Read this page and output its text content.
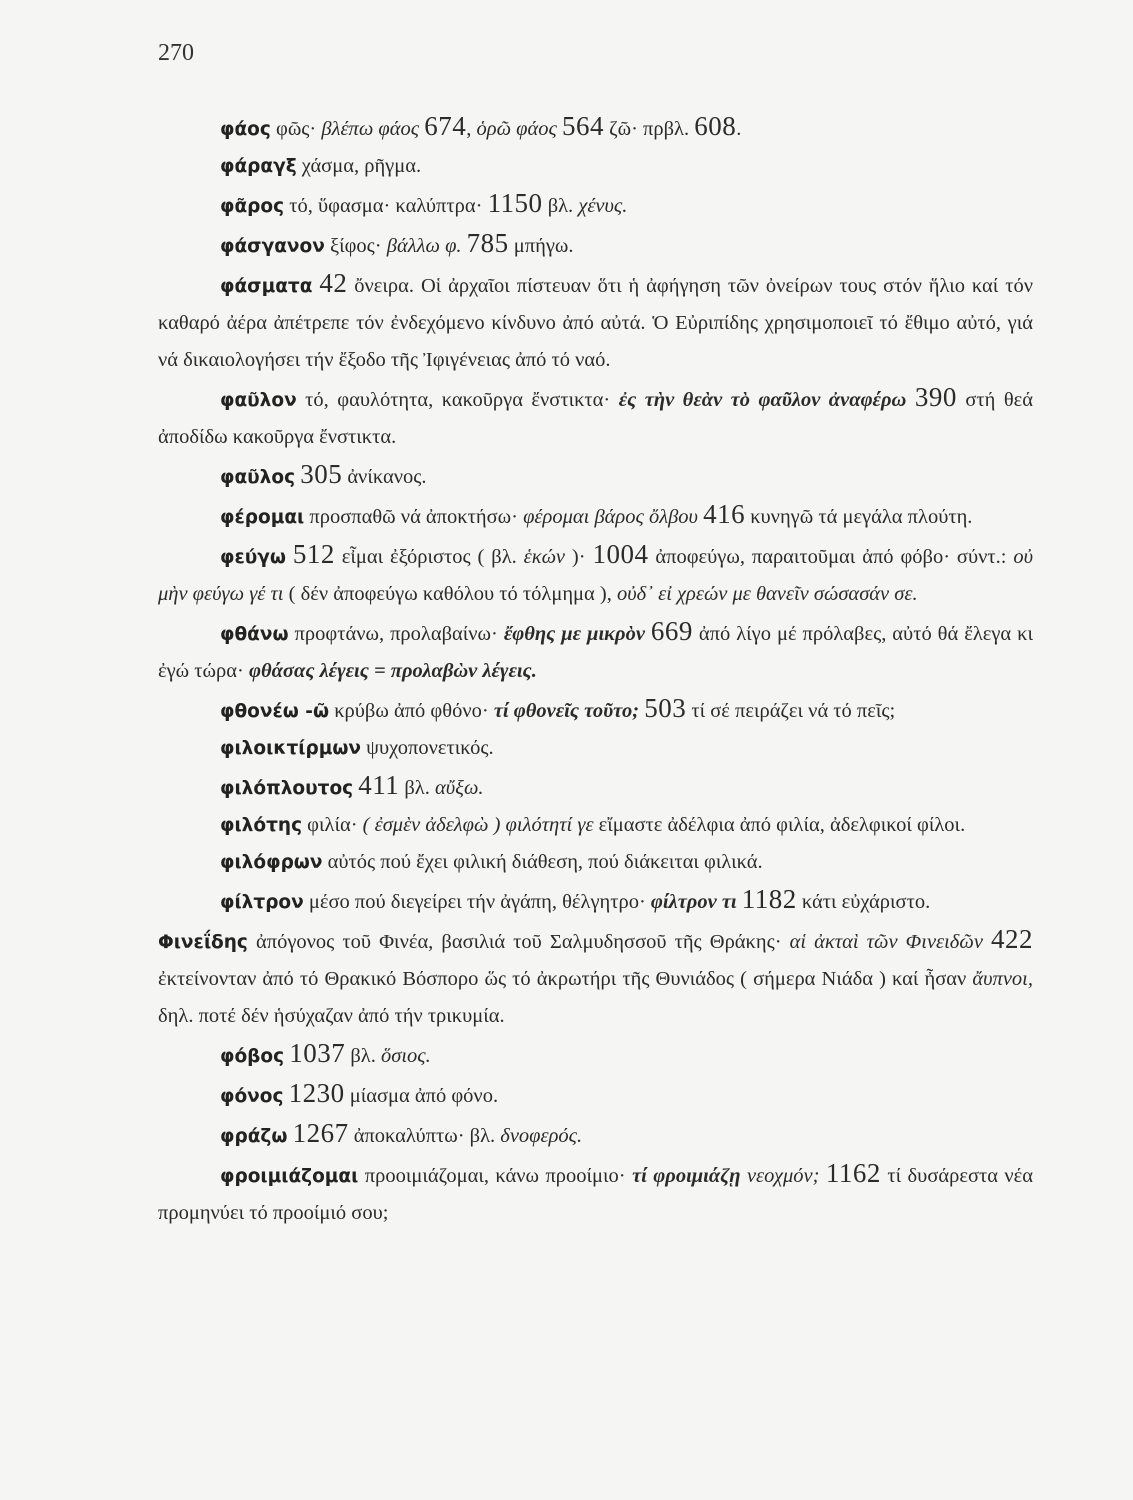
270

φάος φῶς· βλέπω φάος 674, ὁρῶ φάος 564 ζῶ· πρβλ. 608.

φάραγξ χάσμα, ρῆγμα.

φᾶρος τό, ὕφασμα· καλύπτρα· 1150 βλ. χένυς.

φάσγανον ξίφος· βάλλω φ. 785 μπήγω.

φάσματα 42 ὄνειρα. Οἱ ἀρχαῖοι πίστευαν ὅτι ἡ ἀφήγηση τῶν ὀνείρων τους στόν ἥλιο καί τόν καθαρό ἀέρα ἀπέτρεπε τόν ἐνδεχόμενο κίνδυνο ἀπό αὐτά. Ὁ Εὐριπίδης χρησιμοποιεῖ τό ἔθιμο αὐτό, γιά νά δικαιολογήσει τήν ἔξοδο τῆς Ἰφιγένειας ἀπό τό ναό.

φαῦλον τό, φαυλότητα, κακοῦργα ἔνστικτα· ἐς τὴν θεὰν τὸ φαῦλον ἀναφέρω 390 στή θεά ἀποδίδω κακοῦργα ἔνστικτα.

φαῦλος 305 ἀνίκανος.

φέρομαι προσπαθῶ νά ἀποκτήσω· φέρομαι βάρος ὄλβου 416 κυνηγῶ τά μεγάλα πλούτη.

φεύγω 512 εἶμαι ἐξόριστος ( βλ. ἑκών )· 1004 ἀποφεύγω, παραιτοῦμαι ἀπό φόβο· σύντ.: οὐ μὴν φεύγω γέ τι ( δέν ἀποφεύγω καθόλου τό τόλμημα ), οὐδ᾽ εἰ χρεών με θανεῖν σώσασάν σε.

φθάνω προφτάνω, προλαβαίνω· ἔφθης με μικρὸν 669 ἀπό λίγο μέ πρόλαβες, αὐτό θά ἔλεγα κι ἐγώ τώρα· φθάσας λέγεις = προλαβὼν λέγεις.

φθονέω -ῶ κρύβω ἀπό φθόνο· τί φθονεῖς τοῦτο; 503 τί σέ πειράζει νά τό πεῖς;

φιλοικτίρμων ψυχοπονετικός.

φιλόπλουτος 411 βλ. αὔξω.

φιλότης φιλία· ( ἐσμὲν ἀδελφὼ ) φιλότητί γε εἴμαστε ἀδέλφια ἀπό φιλία, ἀδελφικοί φίλοι.

φιλόφρων αὐτός πού ἔχει φιλική διάθεση, πού διάκειται φιλικά.

φίλτρον μέσο πού διεγείρει τήν ἀγάπη, θέλγητρο· φίλτρον τι 1182 κάτι εὐχάριστο.

Φινεΐδης ἀπόγονος τοῦ Φινέα, βασιλιά τοῦ Σαλμυδησσοῦ τῆς Θράκης· αἱ ἀκταὶ τῶν Φινειδῶν 422 ἐκτείνονταν ἀπό τό Θρακικό Βόσπορο ὥς τό ἀκρωτήρι τῆς Θυνιάδος ( σήμερα Νιάδα ) καί ἦσαν ἄυπνοι, δηλ. ποτέ δέν ἡσύχαζαν ἀπό τήν τρικυμία.

φόβος 1037 βλ. ὅσιος.

φόνος 1230 μίασμα ἀπό φόνο.

φράζω 1267 ἀποκαλύπτω· βλ. δνοφερός.

φροιμιάζομαι προοιμιάζομαι, κάνω προοίμιο· τί φροιμιάζῃ νεοχμόν; 1162 τί δυσάρεστα νέα προμηνύει τό προοίμιό σου;
